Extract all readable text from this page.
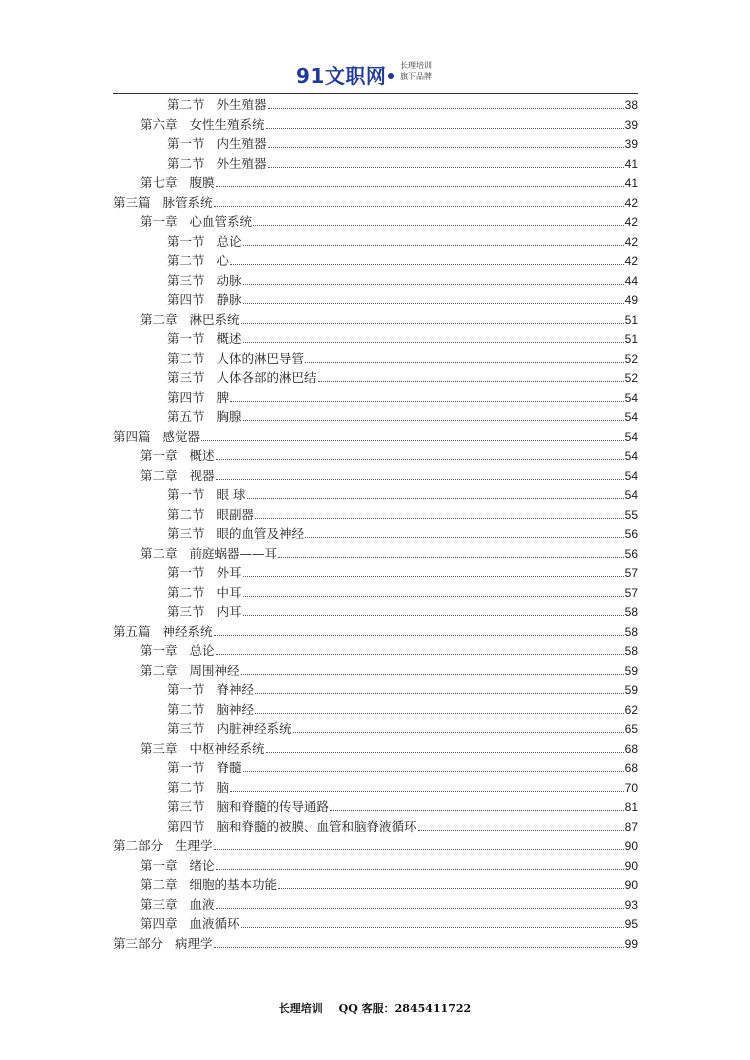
91文职网 长理培训
旗下品牌
第二节 外生殖器	38
第六章 女性生殖系统	39
第一节 内生殖器	39
第二节 外生殖器	41
第七章 腹膜	41
第三篇 脉管系统	42
第一章 心血管系统	42
第一节 总论	42
第二节 心	42
第三节 动脉	44
第四节 静脉	49
第二章 淋巴系统	51
第一节 概述	51
第二节 人体的淋巴导管	52
第三节 人体各部的淋巴结	52
第四节 脾	54
第五节 胸腺	54
第四篇 感觉器	54
第一章 概述	54
第二章 视器	54
第一节 眼 球	54
第二节 眼副器	55
第三节 眼的血管及神经	56
第二章 前庭蜗器——耳	56
第一节 外耳	57
第二节 中耳	57
第三节 内耳	58
第五篇 神经系统	58
第一章 总论	58
第二章 周围神经	59
第一节 脊神经	59
第二节 脑神经	62
第三节 内脏神经系统	65
第三章 中枢神经系统	68
第一节 脊髓	68
第二节 脑	70
第三节 脑和脊髓的传导通路	81
第四节 脑和脊髓的被膜、血管和脑脊液循环	87
第二部分 生理学	90
第一章 绪论	90
第二章 细胞的基本功能	90
第三章 血液	93
第四章 血液循环	95
第三部分 病理学	99
长理培训 QQ 客服：2845411722
